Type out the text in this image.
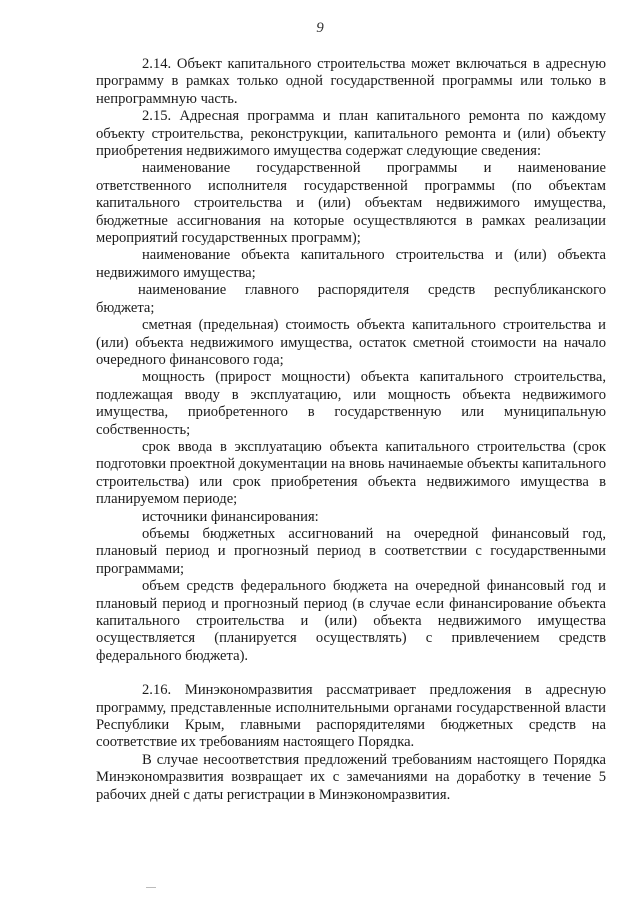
9

2.14. Объект капитального строительства может включаться в адресную программу в рамках только одной государственной программы или только в непрограммную часть.

2.15. Адресная программа и план капитального ремонта по каждому объекту строительства, реконструкции, капитального ремонта и (или) объекту приобретения недвижимого имущества содержат следующие сведения:

наименование государственной программы и наименование ответственного исполнителя государственной программы (по объектам капитального строительства и (или) объектам недвижимого имущества, бюджетные ассигнования на которые осуществляются в рамках реализации мероприятий государственных программ);

наименование объекта капитального строительства и (или) объекта недвижимого имущества;

наименование главного распорядителя средств республиканского бюджета;

сметная (предельная) стоимость объекта капитального строительства и (или) объекта недвижимого имущества, остаток сметной стоимости на начало очередного финансового года;

мощность (прирост мощности) объекта капитального строительства, подлежащая вводу в эксплуатацию, или мощность объекта недвижимого имущества, приобретенного в государственную или муниципальную собственность;

срок ввода в эксплуатацию объекта капитального строительства (срок подготовки проектной документации на вновь начинаемые объекты капитального строительства) или срок приобретения объекта недвижимого имущества в планируемом периоде;

источники финансирования:

объемы бюджетных ассигнований на очередной финансовый год, плановый период и прогнозный период в соответствии с государственными программами;

объем средств федерального бюджета на очередной финансовый год и плановый период и прогнозный период (в случае если финансирование объекта капитального строительства и (или) объекта недвижимого имущества осуществляется (планируется осуществлять) с привлечением средств федерального бюджета).

2.16. Минэкономразвития рассматривает предложения в адресную программу, представленные исполнительными органами государственной власти Республики Крым, главными распорядителями бюджетных средств на соответствие их требованиям настоящего Порядка.

В случае несоответствия предложений требованиям настоящего Порядка Минэкономразвития возвращает их с замечаниями на доработку в течение 5 рабочих дней с даты регистрации в Минэкономразвития.
